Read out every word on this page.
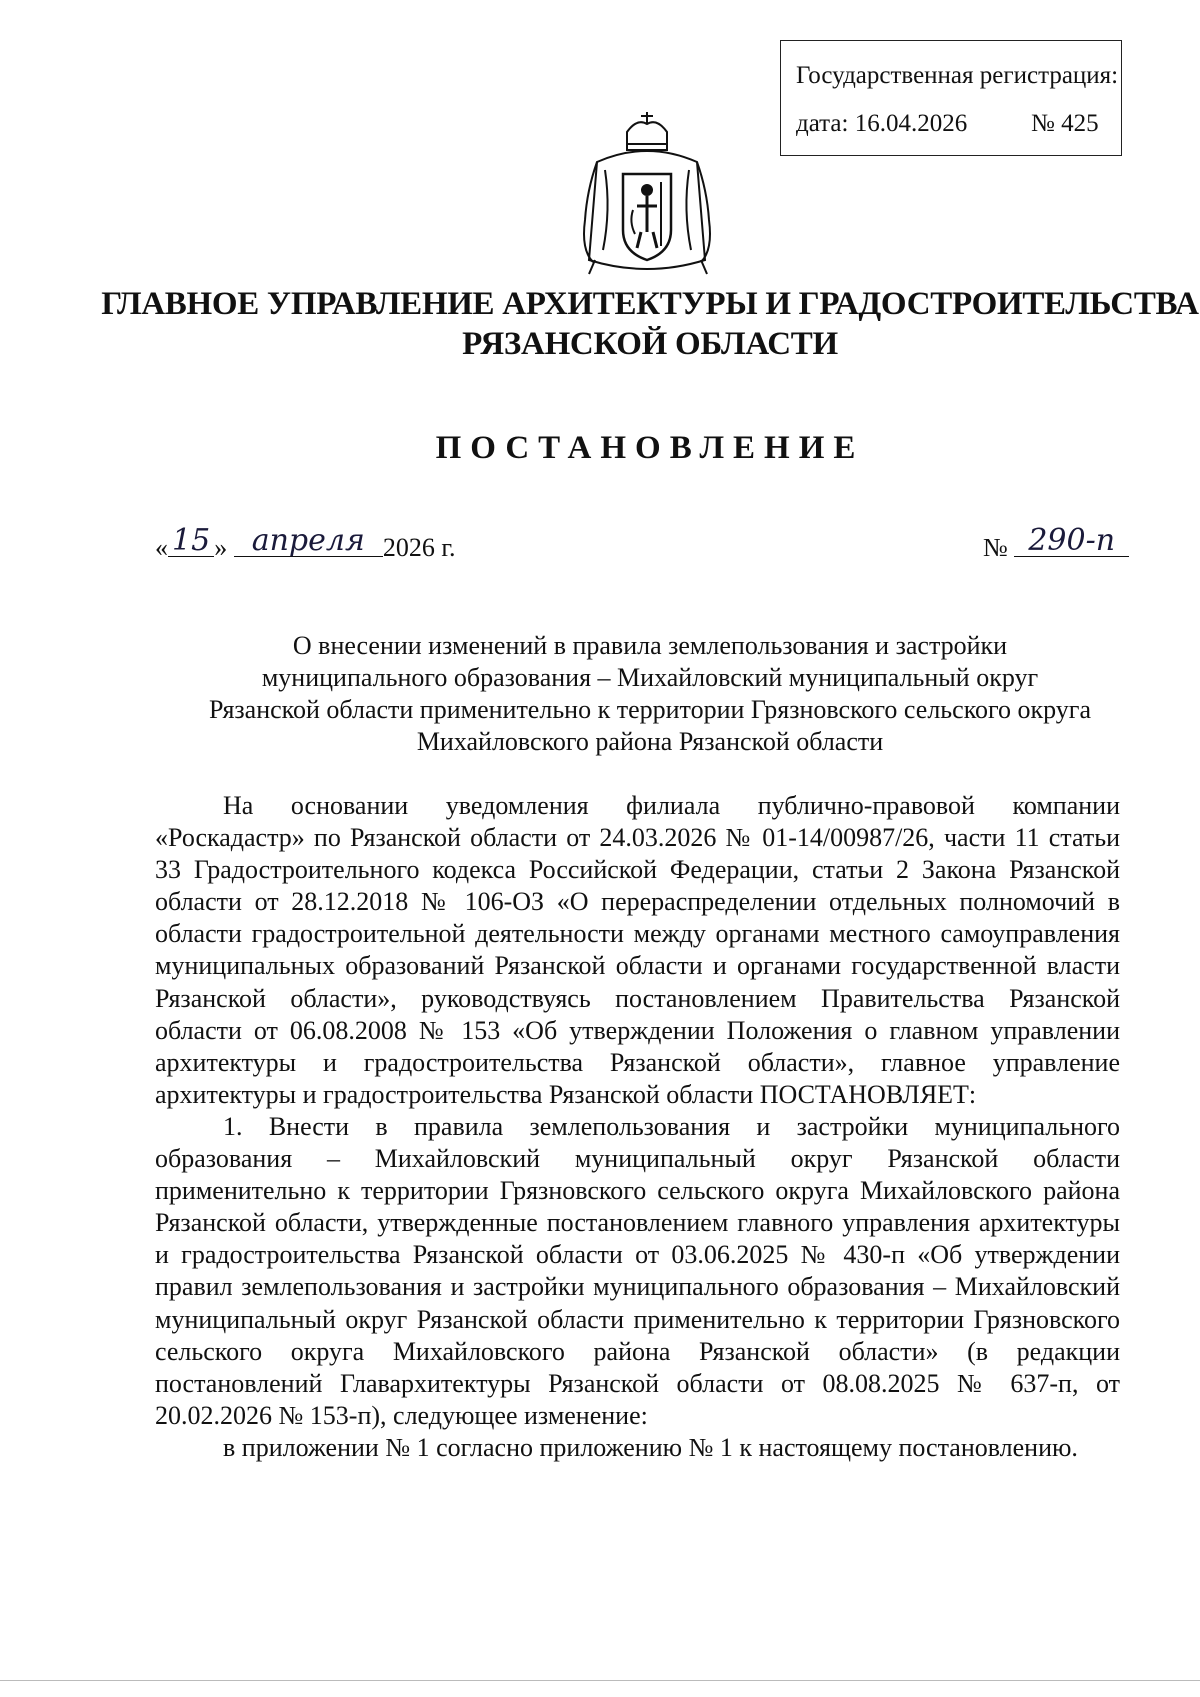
Государственная регистрация:
дата: 16.04.2026	№ 425
ГЛАВНОЕ УПРАВЛЕНИЕ АРХИТЕКТУРЫ И ГРАДОСТРОИТЕЛЬСТВА
РЯЗАНСКОЙ ОБЛАСТИ
ПОСТАНОВЛЕНИЕ
« 15 » апреля 2026 г.	№ 290-п
О внесении изменений в правила землепользования и застройки
муниципального образования – Михайловский муниципальный округ
Рязанской области применительно к территории Грязновского сельского округа
Михайловского района Рязанской области

На основании уведомления филиала публично-правовой компании «Роскадастр» по Рязанской области от 24.03.2026 № 01-14/00987/26, части 11 статьи 33 Градостроительного кодекса Российской Федерации, статьи 2 Закона Рязанской области от 28.12.2018 № 106-ОЗ «О перераспределении отдельных полномочий в области градостроительной деятельности между органами местного самоуправления муниципальных образований Рязанской области и органами государственной власти Рязанской области», руководствуясь постановлением Правительства Рязанской области от 06.08.2008 № 153 «Об утверждении Положения о главном управлении архитектуры и градостроительства Рязанской области», главное управление архитектуры и градостроительства Рязанской области ПОСТАНОВЛЯЕТ:

1. Внести в правила землепользования и застройки муниципального образования – Михайловский муниципальный округ Рязанской области применительно к территории Грязновского сельского округа Михайловского района Рязанской области, утвержденные постановлением главного управления архитектуры и градостроительства Рязанской области от 03.06.2025 № 430-п «Об утверждении правил землепользования и застройки муниципального образования – Михайловский муниципальный округ Рязанской области применительно к территории Грязновского сельского округа Михайловского района Рязанской области» (в редакции постановлений Главархитектуры Рязанской области от 08.08.2025 № 637-п, от 20.02.2026 № 153-п), следующее изменение:

в приложении № 1 согласно приложению № 1 к настоящему постановлению.
